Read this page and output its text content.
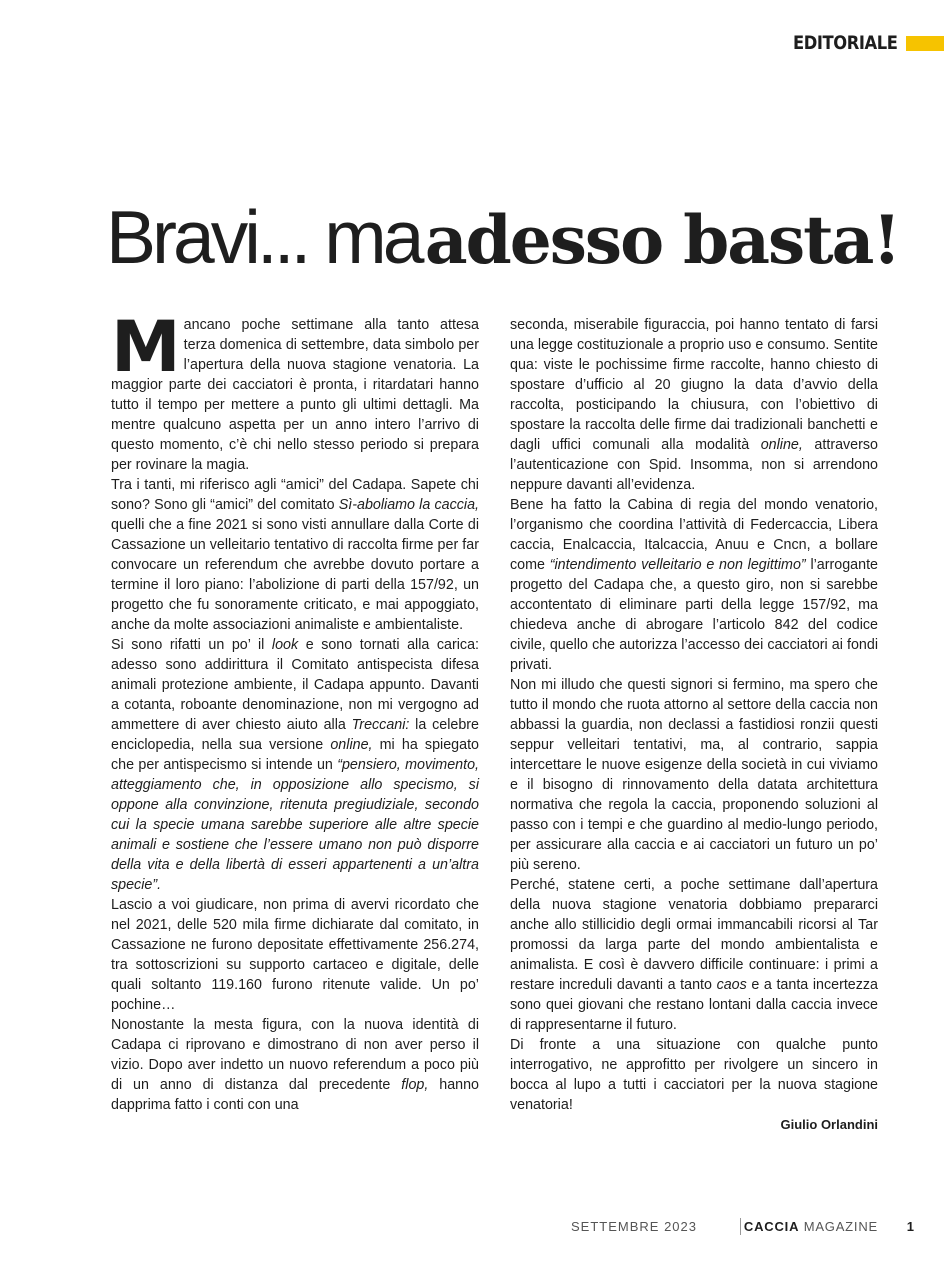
EDITORIALE
Bravi... ma adesso basta!

Mancano poche settimane alla tanto attesa terza domenica di settembre, data simbolo per l’apertura della nuova stagione venatoria. La maggior parte dei cacciatori è pronta, i ritardatari hanno tutto il tempo per mettere a punto gli ultimi dettagli. Ma mentre qualcuno aspetta per un anno intero l’arrivo di questo momento, c’è chi nello stesso periodo si prepara per rovinare la magia.

Tra i tanti, mi riferisco agli “amici” del Cadapa. Sapete chi sono? Sono gli “amici” del comitato Sì-aboliamo la caccia, quelli che a fine 2021 si sono visti annullare dalla Corte di Cassazione un velleitario tentativo di raccolta firme per far convocare un referendum che avrebbe dovuto portare a termine il loro piano: l’abolizione di parti della 157/92, un progetto che fu sonoramente criticato, e mai appoggiato, anche da molte associazioni animaliste e ambientaliste.

Si sono rifatti un po’ il look e sono tornati alla carica: adesso sono addirittura il Comitato antispecista difesa animali protezione ambiente, il Cadapa appunto. Davanti a cotanta, roboante denominazione, non mi vergogno ad ammettere di aver chiesto aiuto alla Treccani: la celebre enciclopedia, nella sua versione online, mi ha spiegato che per antispecismo si intende un “pensiero, movimento, atteggiamento che, in opposizione allo specismo, si oppone alla convinzione, ritenuta pregiudiziale, secondo cui la specie umana sarebbe superiore alle altre specie animali e sostiene che l’essere umano non può disporre della vita e della libertà di esseri appartenenti a un’altra specie”.

Lascio a voi giudicare, non prima di avervi ricordato che nel 2021, delle 520 mila firme dichiarate dal comitato, in Cassazione ne furono depositate effettivamente 256.274, tra sottoscrizioni su supporto cartaceo e digitale, delle quali soltanto 119.160 furono ritenute valide. Un po’ pochine…

Nonostante la mesta figura, con la nuova identità di Cadapa ci riprovano e dimostrano di non aver perso il vizio. Dopo aver indetto un nuovo referendum a poco più di un anno di distanza dal precedente flop, hanno dapprima fatto i conti con una

seconda, miserabile figuraccia, poi hanno tentato di farsi una legge costituzionale a proprio uso e consumo. Sentite qua: viste le pochissime firme raccolte, hanno chiesto di spostare d’ufficio al 20 giugno la data d’avvio della raccolta, posticipando la chiusura, con l’obiettivo di spostare la raccolta delle firme dai tradizionali banchetti e dagli uffici comunali alla modalità online, attraverso l’autenticazione con Spid. Insomma, non si arrendono neppure davanti all’evidenza.

Bene ha fatto la Cabina di regia del mondo venatorio, l’organismo che coordina l’attività di Federcaccia, Libera caccia, Enalcaccia, Italcaccia, Anuu e Cncn, a bollare come “intendimento velleitario e non legittimo” l’arrogante progetto del Cadapa che, a questo giro, non si sarebbe accontentato di eliminare parti della legge 157/92, ma chiedeva anche di abrogare l’articolo 842 del codice civile, quello che autorizza l’accesso dei cacciatori ai fondi privati.

Non mi illudo che questi signori si fermino, ma spero che tutto il mondo che ruota attorno al settore della caccia non abbassi la guardia, non declassi a fastidiosi ronzii questi seppur velleitari tentativi, ma, al contrario, sappia intercettare le nuove esigenze della società in cui viviamo e il bisogno di rinnovamento della datata architettura normativa che regola la caccia, proponendo soluzioni al passo con i tempi e che guardino al medio-lungo periodo, per assicurare alla caccia e ai cacciatori un futuro un po’ più sereno.

Perché, statene certi, a poche settimane dall’apertura della nuova stagione venatoria dobbiamo prepararci anche allo stillicidio degli ormai immancabili ricorsi al Tar promossi da larga parte del mondo ambientalista e animalista. E così è davvero difficile continuare: i primi a restare increduli davanti a tanto caos e a tanta incertezza sono quei giovani che restano lontani dalla caccia invece di rappresentarne il futuro.

Di fronte a una situazione con qualche punto interrogativo, ne approfitto per rivolgere un sincero in bocca al lupo a tutti i cacciatori per la nuova stagione venatoria!

Giulio Orlandini

SETTEMBRE 2023	CACCIA MAGAZINE 1
